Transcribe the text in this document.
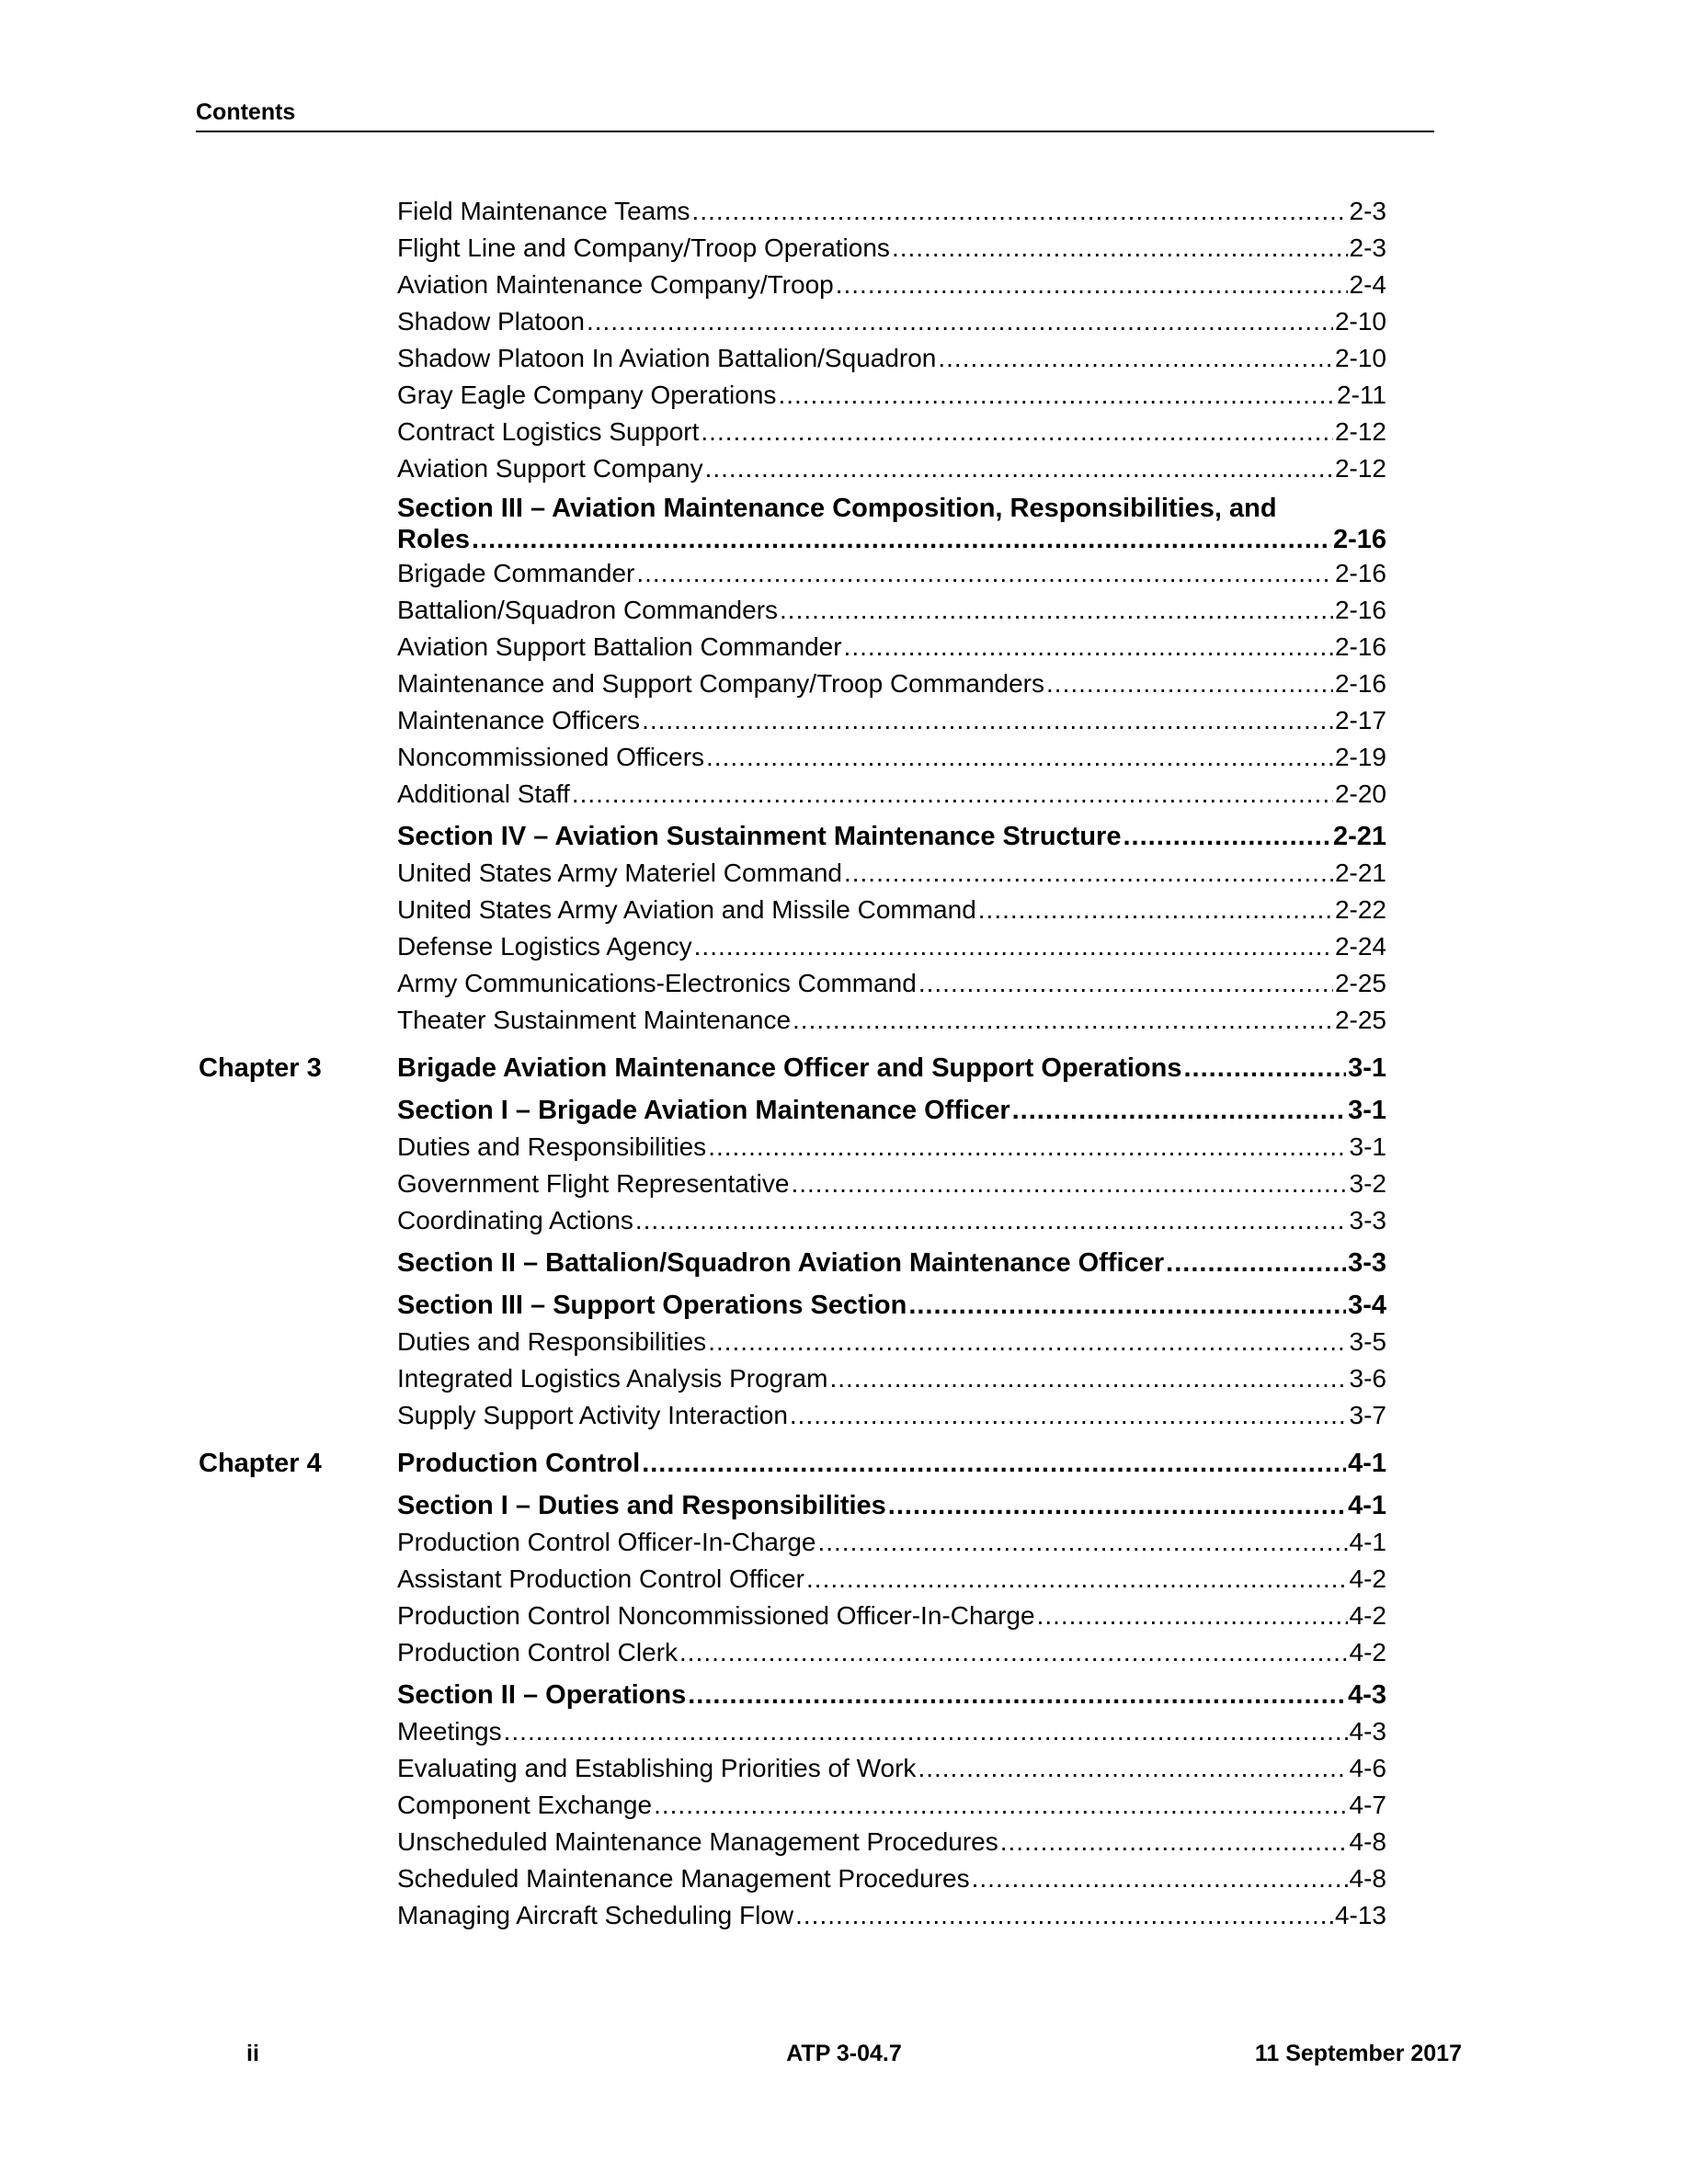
Contents
Field Maintenance Teams .....	2-3
Flight Line and Company/Troop Operations .....	2-3
Aviation Maintenance Company/Troop .....	2-4
Shadow Platoon .....	2-10
Shadow Platoon In Aviation Battalion/Squadron .....	2-10
Gray Eagle Company Operations .....	2-11
Contract Logistics Support .....	2-12
Aviation Support Company .....	2-12
Section III – Aviation Maintenance Composition, Responsibilities, and
Roles .....	2-16
Brigade Commander .....	2-16
Battalion/Squadron Commanders .....	2-16
Aviation Support Battalion Commander .....	2-16
Maintenance and Support Company/Troop Commanders .....	2-16
Maintenance Officers .....	2-17
Noncommissioned Officers .....	2-19
Additional Staff .....	2-20
Section IV – Aviation Sustainment Maintenance Structure .....	2-21
United States Army Materiel Command .....	2-21
United States Army Aviation and Missile Command .....	2-22
Defense Logistics Agency .....	2-24
Army Communications-Electronics Command .....	2-25
Theater Sustainment Maintenance .....	2-25
Chapter 3	Brigade Aviation Maintenance Officer and Support Operations .....	3-1
Section I – Brigade Aviation Maintenance Officer .....	3-1
Duties and Responsibilities .....	3-1
Government Flight Representative .....	3-2
Coordinating Actions .....	3-3
Section II – Battalion/Squadron Aviation Maintenance Officer .....	3-3
Section III – Support Operations Section .....	3-4
Duties and Responsibilities .....	3-5
Integrated Logistics Analysis Program .....	3-6
Supply Support Activity Interaction .....	3-7
Chapter 4	Production Control .....	4-1
Section I – Duties and Responsibilities .....	4-1
Production Control Officer-In-Charge .....	4-1
Assistant Production Control Officer .....	4-2
Production Control Noncommissioned Officer-In-Charge .....	4-2
Production Control Clerk .....	4-2
Section II – Operations .....	4-3
Meetings .....	4-3
Evaluating and Establishing Priorities of Work .....	4-6
Component Exchange .....	4-7
Unscheduled Maintenance Management Procedures .....	4-8
Scheduled Maintenance Management Procedures .....	4-8
Managing Aircraft Scheduling Flow .....	4-13
ii	ATP 3-04.7	11 September 2017
